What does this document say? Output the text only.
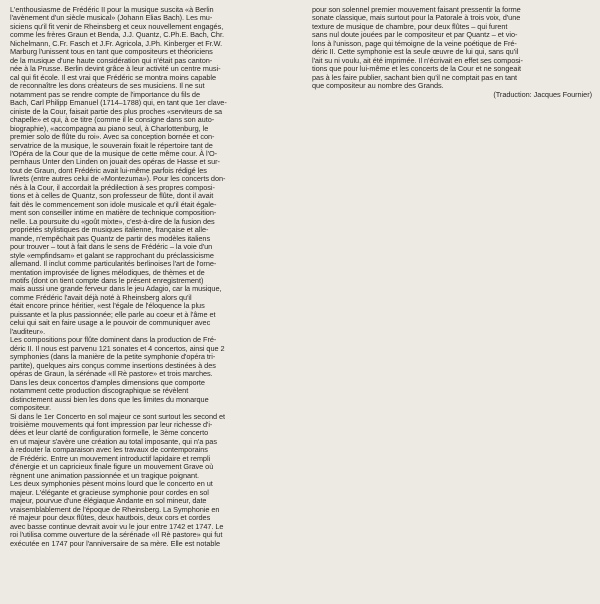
L'enthousiasme de Frédéric II pour la musique suscita «à Berlin
l'avènement d'un siècle musical» (Johann Elias Bach). Les mu-
siciens qu'il fit venir de Rheinsberg et ceux nouvellement engagés,
comme les frères Graun et Benda, J.J. Quantz, C.Ph.E. Bach, Chr.
Nichelmann, C.Fr. Fasch et J.Fr. Agricola, J.Ph. Kinberger et Fr.W.
Marburg l'unissent tous en tant que compositeurs et théoriciens
de la musique d'une haute considération qui n'était pas canton-
née à la Prusse. Berlin devint grâce à leur activité un centre musi-
cal qui fit école. Il est vrai que Frédéric se montra moins capable
de reconnaître les dons créateurs de ses musiciens. Il ne sut
notamment pas se rendre compte de l'importance du fils de
Bach, Carl Philipp Emanuel (1714–1788) qui, en tant que 1er clave-
ciniste de la Cour, faisait partie des plus proches «serviteurs de sa
chapelle» et qui, à ce titre (comme il le consigne dans son auto-
biographie), «accompagna au piano seul, à Charlottenburg, le
premier solo de flûte du roi». Avec sa conception bornée et con-
servatrice de la musique, le souverain fixait le répertoire tant de
l'Opéra de la Cour que de la musique de cette même cour. À l'O-
pernhaus Unter den Linden on jouait des opéras de Hasse et sur-
tout de Graun, dont Frédéric avait lui-même parfois rédigé les
livrets (entre autres celui de «Montezuma»). Pour les concerts don-
nés à la Cour, il accordait la prédilection à ses propres composi-
tions et à celles de Quantz, son professeur de flûte, dont il avait
fait dès le commencement son idole musicale et qu'il était égale-
ment son conseiller intime en matière de technique composition-
nelle. La poursuite du «goût mixte», c'est-à-dire de la fusion des
propriétés stylistiques de musiques italienne, française et alle-
mande, n'empêchait pas Quantz de partir des modèles italiens
pour trouver – tout à fait dans le sens de Frédéric – la voie d'un
style «empfindsam» et galant se rapprochant du préclassicisme
allemand. Il inclut comme particularités berlinoises l'art de l'orne-
mentation improvisée de lignes mélodiques, de thèmes et de
motifs (dont on tient compte dans le présent enregistrement)
mais aussi une grande ferveur dans le jeu Adagio, car la musique,
comme Frédéric l'avait déjà noté à Rheinsberg alors qu'il
était encore prince héritier, «est l'égale de l'éloquence la plus
puissante et la plus passionnée; elle parle au coeur et à l'âme et
celui qui sait en faire usage a le pouvoir de communiquer avec
l'auditeur».
Les compositions pour flûte dominent dans la production de Fré-
déric II. Il nous est parvenu 121 sonates et 4 concertos, ainsi que 2
symphonies (dans la manière de la petite symphonie d'opéra tri-
partite), quelques airs conçus comme insertions destinées à des
opéras de Graun, la sérénade «Il Rè pastore» et trois marches.
Dans les deux concertos d'amples dimensions que comporte
notamment cette production discographique se révèlent
distinctement aussi bien les dons que les limites du monarque
compositeur.
Si dans le 1er Concerto en sol majeur ce sont surtout les second et
troisième mouvements qui font impression par leur richesse d'i-
dées et leur clarté de configuration formelle, le 3ème concerto
en ut majeur s'avère une création au total imposante, qui n'a pas
à redouter la comparaison avec les travaux de contemporains
de Frédéric. Entre un mouvement introductif lapidaire et rempli
d'énergie et un capricieux finale figure un mouvement Grave où
règnent une animation passionnée et un tragique poignant.
Les deux symphonies pèsent moins lourd que le concerto en ut
majeur. L'élégante et gracieuse symphonie pour cordes en sol
majeur, pourvue d'une élégiaque Andante en sol mineur, date
vraisemblablement de l'époque de Rheinsberg. La Symphonie en
ré majeur pour deux flûtes, deux hautbois, deux cors et cordes
avec basse continue devrait avoir vu le jour entre 1742 et 1747. Le
roi l'utilisa comme ouverture de la sérénade «Il Rè pastore» qui fut
exécutée en 1747 pour l'anniversaire de sa mère. Elle est notable
pour son solennel premier mouvement faisant pressentir la forme
sonate classique, mais surtout pour la Patorale à trois voix, d'une
texture de musique de chambre, pour deux flûtes – qui furent
sans nul doute jouées par le compositeur et par Quantz – et vio-
lons à l'unisson, page qui témoigne de la veine poétique de Fré-
déric II. Cette symphonie est la seule œuvre de lui qui, sans qu'il
l'ait su ni voulu, ait été imprimée. Il n'écrivait en effet ses composi-
tions que pour lui-même et les concerts de la Cour et ne songeait
pas à les faire publier, sachant bien qu'il ne comptait pas en tant
que compositeur au nombre des Grands.
(Traduction: Jacques Fournier)
